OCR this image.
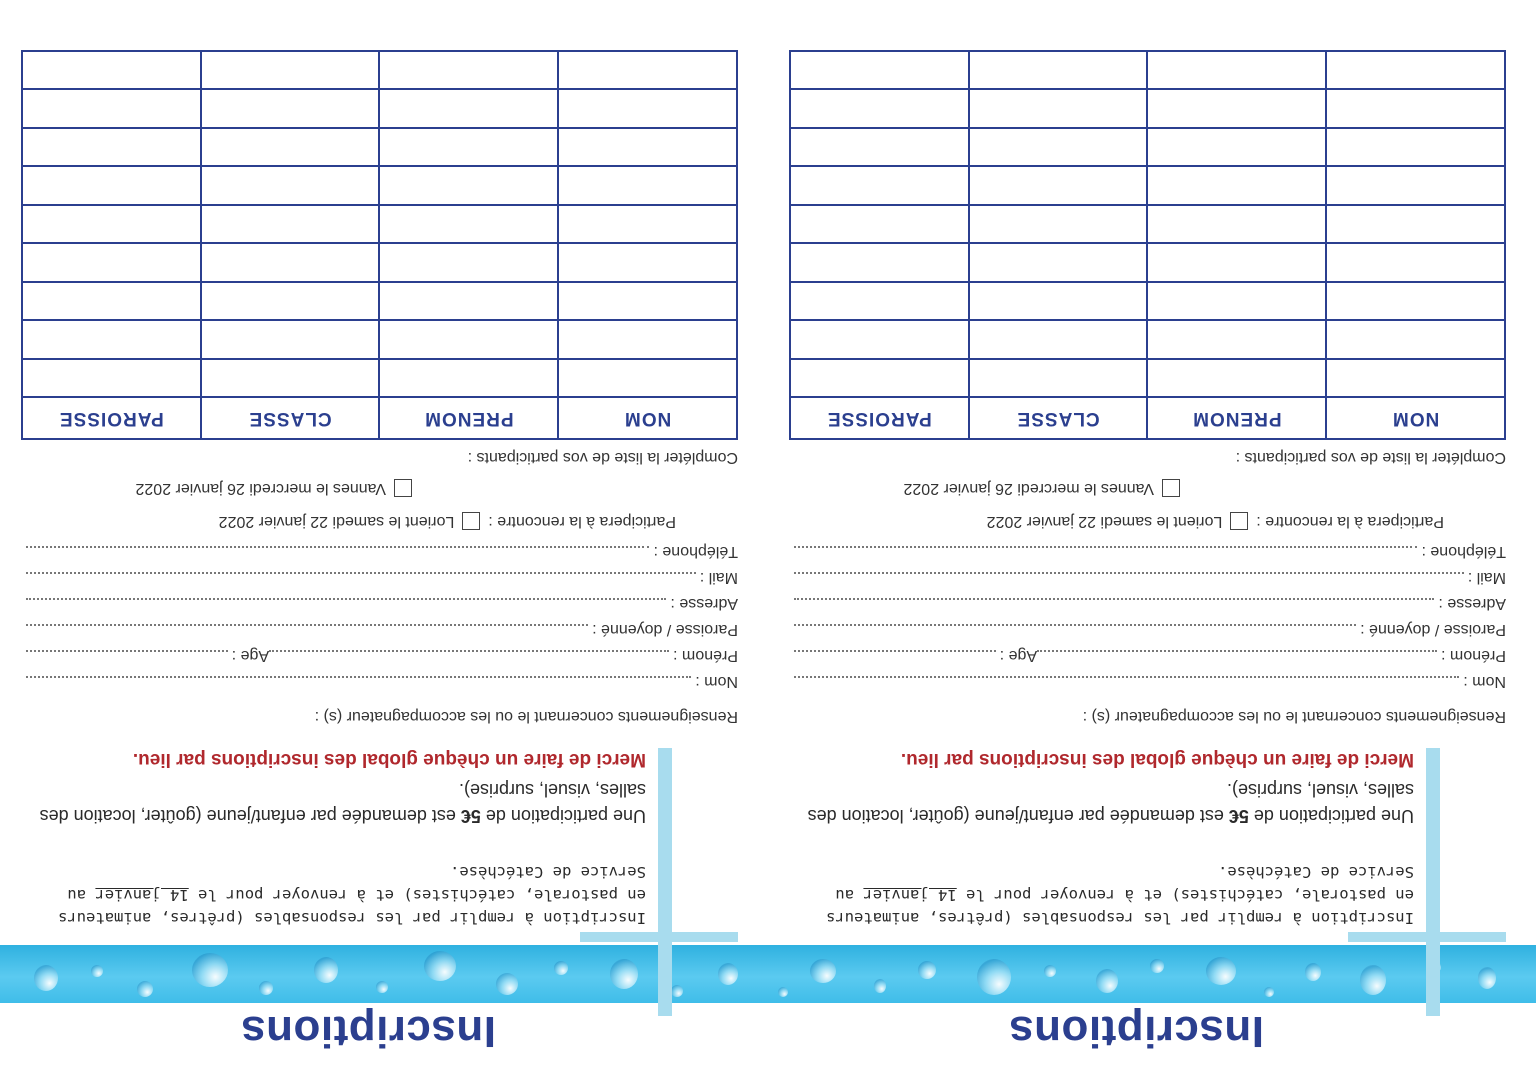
Inscriptions
Inscription à remplir par les responsables (prêtres, animateurs
en pastorale, catéchistes) et à renvoyer pour le 14 janvier au
Service de Catéchèse.
Une participation de 5€ est demandée par enfant/jeune (goûter, location des salles, visuel, surprise).
Merci de faire un chèque global des inscriptions par lieu.
Renseignements concernant le ou les accompagnateur (s) :
Nom :
Prénom :
Age :
Paroisse / doyenné :
Adresse :
Mail :
Téléphone :
Participera à la rencontre :
Lorient le samedi 22 janvier 2022
Vannes le mercredi 26 janvier 2022
Compléter la liste de vos participants :
NOM	PRENOM	CLASSE	PAROISSE

Inscriptions
Inscription à remplir par les responsables (prêtres, animateurs
en pastorale, catéchistes) et à renvoyer pour le 14 janvier au
Service de Catéchèse.
Une participation de 5€ est demandée par enfant/jeune (goûter, location des salles, visuel, surprise).
Merci de faire un chèque global des inscriptions par lieu.
Renseignements concernant le ou les accompagnateur (s) :
Nom :
Prénom :
Age :
Paroisse / doyenné :
Adresse :
Mail :
Téléphone :
Participera à la rencontre :
Lorient le samedi 22 janvier 2022
Vannes le mercredi 26 janvier 2022
Compléter la liste de vos participants :
NOM	PRENOM	CLASSE	PAROISSE
